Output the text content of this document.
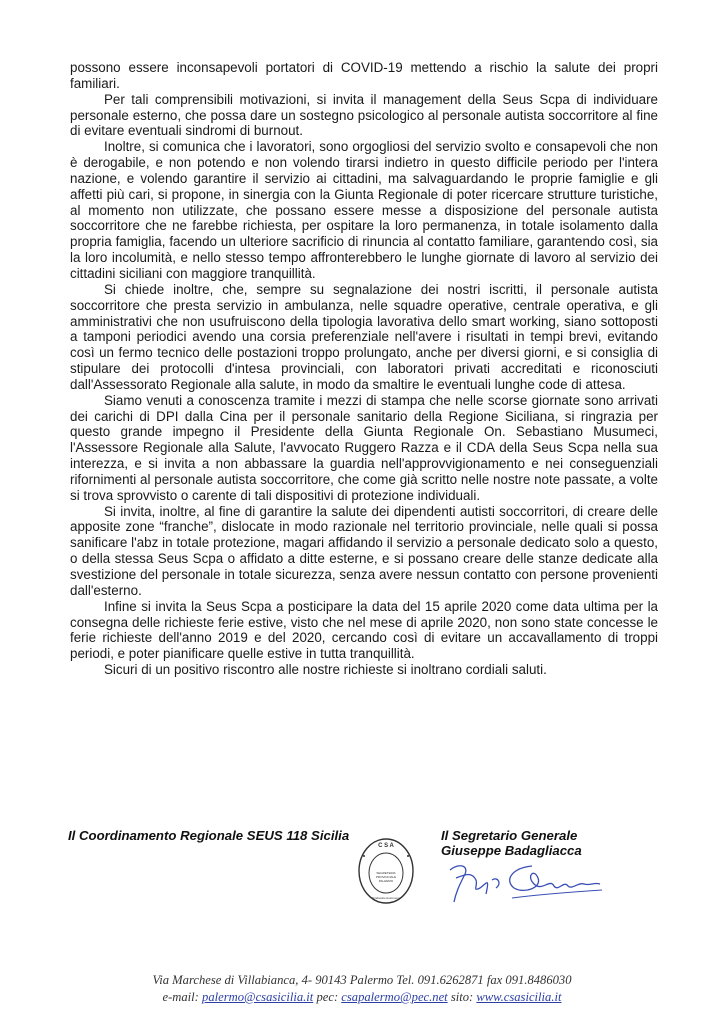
possono essere inconsapevoli portatori di COVID-19 mettendo a rischio la salute dei propri familiari.

Per tali comprensibili motivazioni, si invita il management della Seus Scpa di individuare personale esterno, che possa dare un sostegno psicologico al personale autista soccorritore al fine di evitare eventuali sindromi di burnout.

Inoltre, si comunica che i lavoratori, sono orgogliosi del servizio svolto e consapevoli che non è derogabile, e non potendo e non volendo tirarsi indietro in questo difficile periodo per l'intera nazione, e volendo garantire il servizio ai cittadini, ma salvaguardando le proprie famiglie e gli affetti più cari, si propone, in sinergia con la Giunta Regionale di poter ricercare strutture turistiche, al momento non utilizzate, che possano essere messe a disposizione del personale autista soccorritore che ne farebbe richiesta, per ospitare la loro permanenza, in totale isolamento dalla propria famiglia, facendo un ulteriore sacrificio di rinuncia al contatto familiare, garantendo così, sia la loro incolumità, e nello stesso tempo affronterebbero le lunghe giornate di lavoro al servizio dei cittadini siciliani con maggiore tranquillità.

Si chiede inoltre, che, sempre su segnalazione dei nostri iscritti, il personale autista soccorritore che presta servizio in ambulanza, nelle squadre operative, centrale operativa, e gli amministrativi che non usufruiscono della tipologia lavorativa dello smart working, siano sottoposti a tamponi periodici avendo una corsia preferenziale nell'avere i risultati in tempi brevi, evitando così un fermo tecnico delle postazioni troppo prolungato, anche per diversi giorni, e si consiglia di stipulare dei protocolli d'intesa provinciali, con laboratori privati accreditati e riconosciuti dall'Assessorato Regionale alla salute, in modo da smaltire le eventuali lunghe code di attesa.

Siamo venuti a conoscenza tramite i mezzi di stampa che nelle scorse giornate sono arrivati dei carichi di DPI dalla Cina per il personale sanitario della Regione Siciliana, si ringrazia per questo grande impegno il Presidente della Giunta Regionale On. Sebastiano Musumeci, l'Assessore Regionale alla Salute, l'avvocato Ruggero Razza e il CDA della Seus Scpa nella sua interezza, e si invita a non abbassare la guardia nell'approvvigionamento e nei conseguenziali rifornimenti al personale autista soccorritore, che come già scritto nelle nostre note passate, a volte si trova sprovvisto o carente di tali dispositivi di protezione individuali.

Si invita, inoltre, al fine di garantire la salute dei dipendenti autisti soccorritori, di creare delle apposite zone “franche”, dislocate in modo razionale nel territorio provinciale, nelle quali si possa sanificare l'abz in totale protezione, magari affidando il servizio a personale dedicato solo a questo, o della stessa Seus Scpa o affidato a ditte esterne, e si possano creare delle stanze dedicate alla svestizione del personale in totale sicurezza, senza avere nessun contatto con persone provenienti dall'esterno.

Infine si invita la Seus Scpa a posticipare la data del 15 aprile 2020 come data ultima per la consegna delle richieste ferie estive, visto che nel mese di aprile 2020, non sono state concesse le ferie richieste dell'anno 2019 e del 2020, cercando così di evitare un accavallamento di troppi periodi, e poter pianificare quelle estive in tutta tranquillità.

Sicuri di un positivo riscontro alle nostre richieste si inoltrano cordiali saluti.

Il Coordinamento Regionale SEUS 118 Sicilia
C S A
SEGRETERIA
PROVINCIALE
PALERMO
Sindacato Autonomo
Il Segretario Generale
Giuseppe Badagliacca
Via Marchese di Villabianca, 4- 90143 Palermo Tel. 091.6262871 fax 091.8486030
e-mail: palermo@csasicilia.it pec: csapalermo@pec.net sito: www.csasicilia.it
